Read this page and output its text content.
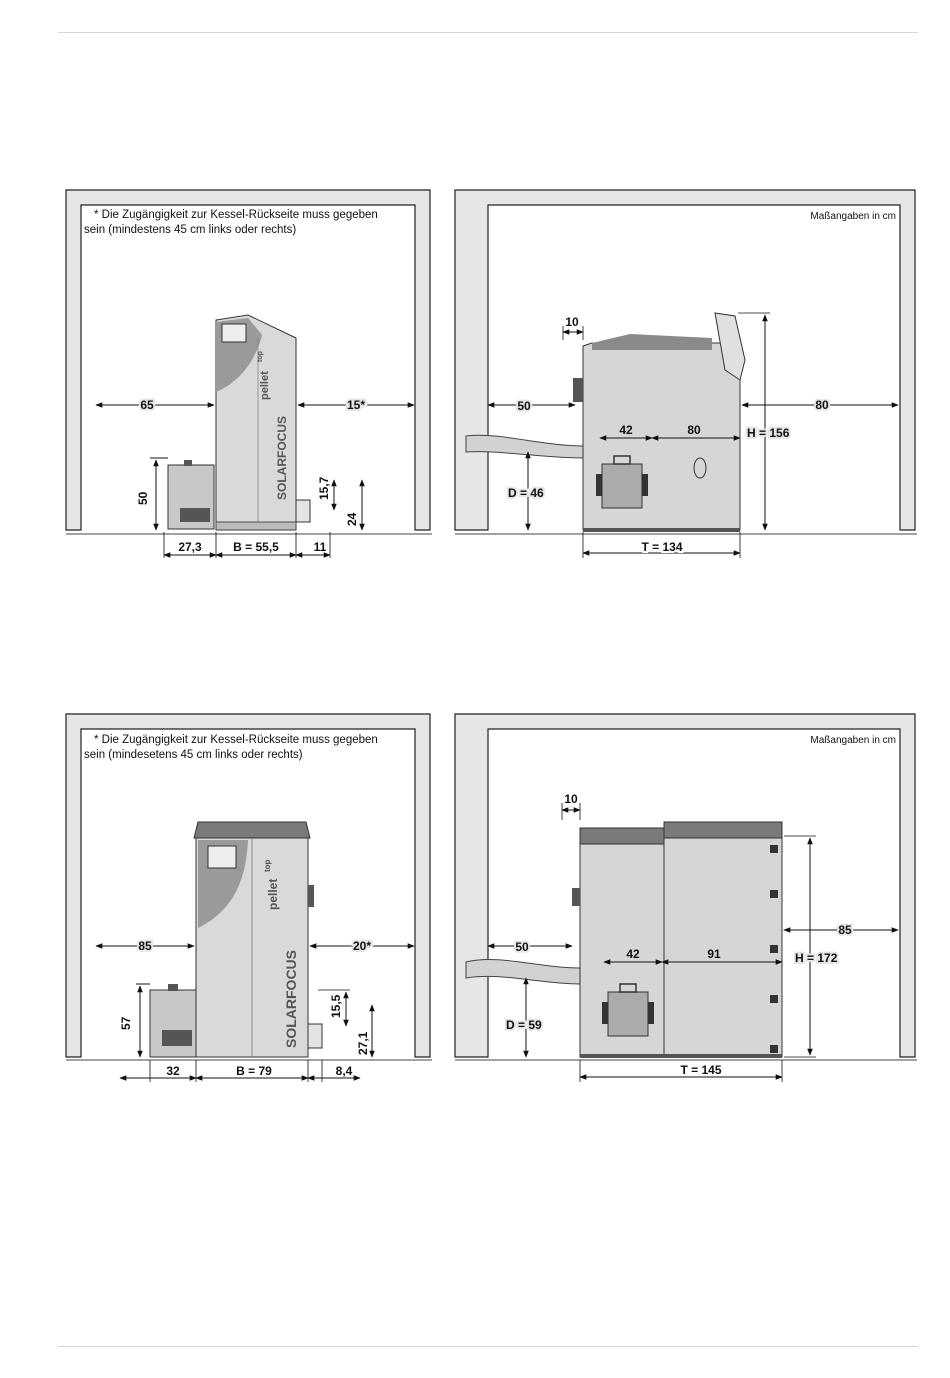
* Die Zugängigkeit zur Kessel-Rückseite muss gegeben
sein (mindestens 45 cm links oder rechts)
SOLARFOCUS
pellet
top
65	15*
50	15,7
24
27,3	B = 55,5	11
Maßangaben in cm
10
50
42	80	H = 156
80
D = 46
T = 134
* Die Zugängigkeit zur Kessel-Rückseite muss gegeben
sein (mindesetens 45 cm links oder rechts)
SOLARFOCUS
pellet
top
85	20*
57
15,5
27,1
32	B = 79	8,4
Maßangaben in cm
10
50	42	91	H = 172
85
D = 59
T = 145
